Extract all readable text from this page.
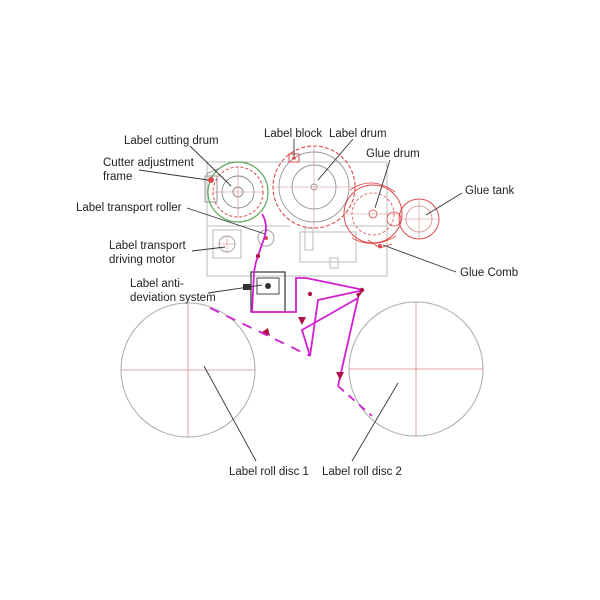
Label cutting drum
Label block Label drum
Glue drum
Cutter adjustment
frame
Glue tank
Label transport roller
Label transport
driving motor
Glue Comb
Label anti-
deviation system
Label roll disc 1 Label roll disc 2
